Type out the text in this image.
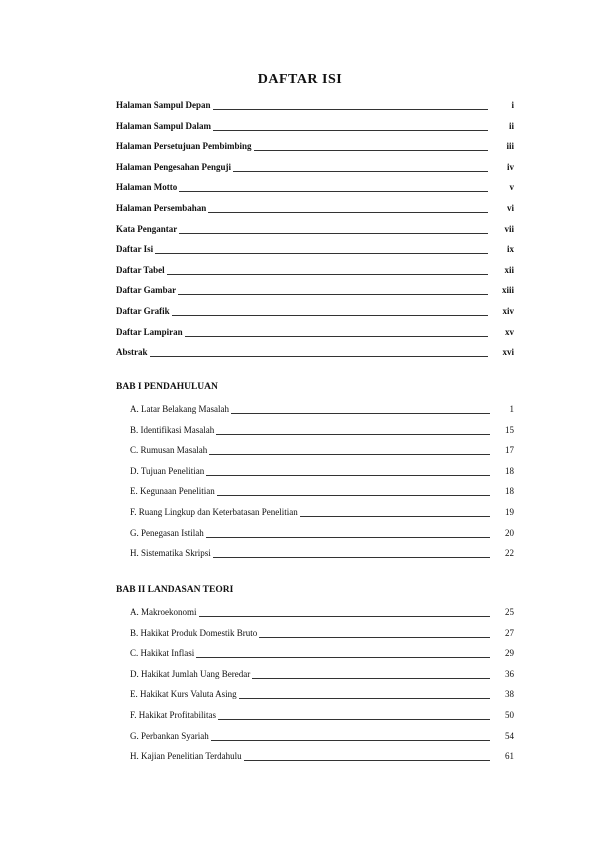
DAFTAR ISI
Halaman Sampul Depan	i
Halaman Sampul Dalam	ii
Halaman Persetujuan Pembimbing	iii
Halaman Pengesahan Penguji	iv
Halaman Motto	v
Halaman Persembahan	vi
Kata Pengantar	vii
Daftar Isi	ix
Daftar Tabel	xii
Daftar Gambar	xiii
Daftar Grafik	xiv
Daftar Lampiran	xv
Abstrak	xvi
BAB I PENDAHULUAN
A. Latar Belakang Masalah	1
B. Identifikasi Masalah	15
C. Rumusan Masalah	17
D. Tujuan Penelitian	18
E. Kegunaan Penelitian	18
F. Ruang Lingkup dan Keterbatasan Penelitian	19
G. Penegasan Istilah	20
H. Sistematika Skripsi	22
BAB II LANDASAN TEORI
A. Makroekonomi	25
B. Hakikat Produk Domestik Bruto	27
C. Hakikat Inflasi	29
D. Hakikat Jumlah Uang Beredar	36
E. Hakikat Kurs Valuta Asing	38
F. Hakikat Profitabilitas	50
G. Perbankan Syariah	54
H. Kajian Penelitian Terdahulu	61
